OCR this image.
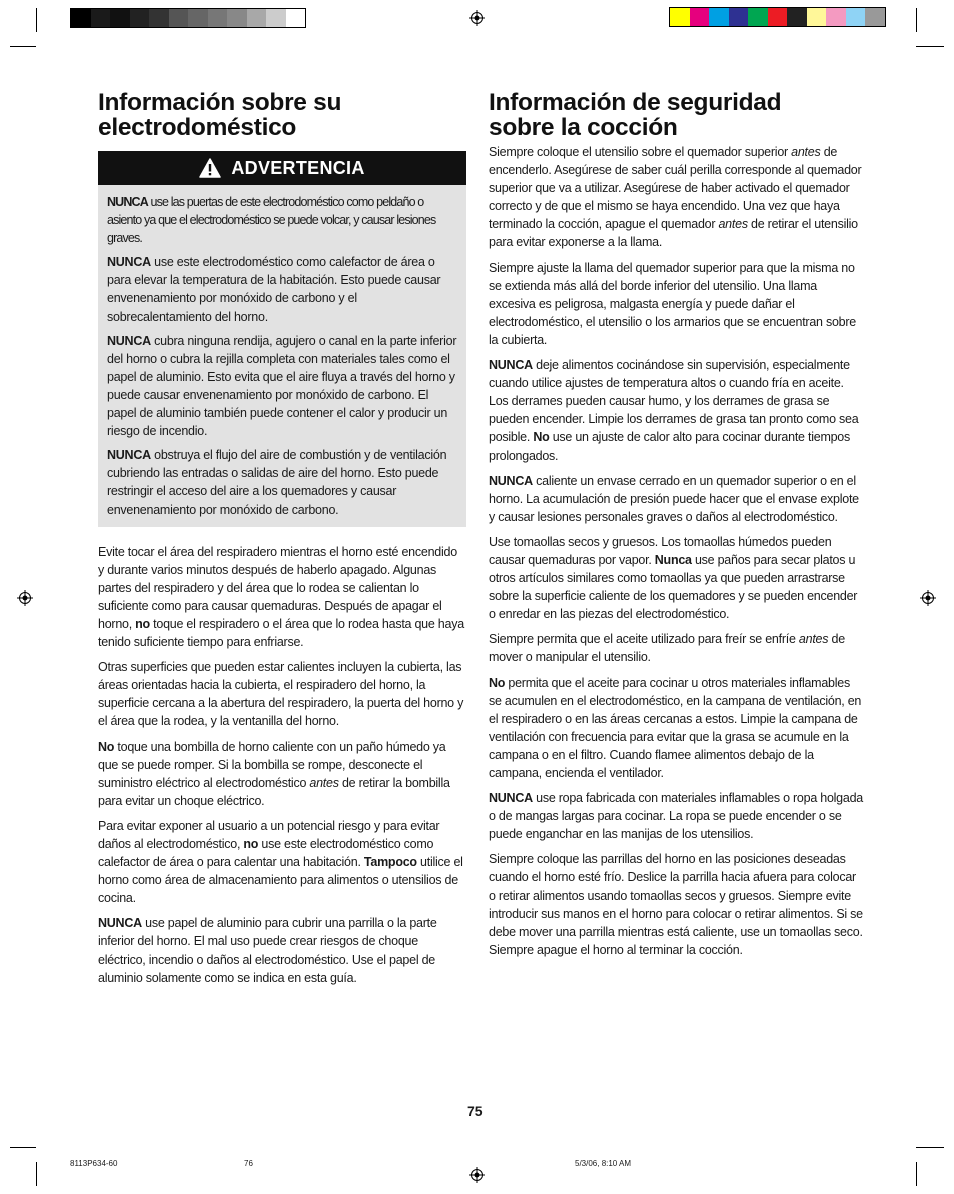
Información sobre su
electrodoméstico
ADVERTENCIA

NUNCA use las puertas de este electrodoméstico como peldaño o asiento ya que el electrodoméstico se puede volcar, y causar lesiones graves.

NUNCA use este electrodoméstico como calefactor de área o para elevar la temperatura de la habitación. Esto puede causar envenenamiento por monóxido de carbono y el sobrecalentamiento del horno.

NUNCA cubra ninguna rendija, agujero o canal en la parte inferior del horno o cubra la rejilla completa con materiales tales como el papel de aluminio. Esto evita que el aire fluya a través del horno y puede causar envenenamiento por monóxido de carbono. El papel de aluminio también puede contener el calor y producir un riesgo de incendio.

NUNCA obstruya el flujo del aire de combustión y de ventilación cubriendo las entradas o salidas de aire del horno. Esto puede restringir el acceso del aire a los quemadores y causar envenenamiento por monóxido de carbono.

Evite tocar el área del respiradero mientras el horno esté encendido y durante varios minutos después de haberlo apagado. Algunas partes del respiradero y del área que lo rodea se calientan lo suficiente como para causar quemaduras. Después de apagar el horno, no toque el respiradero o el área que lo rodea hasta que haya tenido suficiente tiempo para enfriarse.

Otras superficies que pueden estar calientes incluyen la cubierta, las áreas orientadas hacia la cubierta, el respiradero del horno, la superficie cercana a la abertura del respiradero, la puerta del horno y el área que la rodea, y la ventanilla del horno.

No toque una bombilla de horno caliente con un paño húmedo ya que se puede romper. Si la bombilla se rompe, desconecte el suministro eléctrico al electrodoméstico antes de retirar la bombilla para evitar un choque eléctrico.

Para evitar exponer al usuario a un potencial riesgo y para evitar daños al electrodoméstico, no use este electrodoméstico como calefactor de área o para calentar una habitación. Tampoco utilice el horno como área de almacenamiento para alimentos o utensilios de cocina.

NUNCA use papel de aluminio para cubrir una parrilla o la parte inferior del horno. El mal uso puede crear riesgos de choque eléctrico, incendio o daños al electrodoméstico. Use el papel de aluminio solamente como se indica en esta guía.

Información de seguridad
sobre la cocción

Siempre coloque el utensilio sobre el quemador superior antes de encenderlo. Asegúrese de saber cuál perilla corresponde al quemador superior que va a utilizar. Asegúrese de haber activado el quemador correcto y de que el mismo se haya encendido. Una vez que haya terminado la cocción, apague el quemador antes de retirar el utensilio para evitar exponerse a la llama.

Siempre ajuste la llama del quemador superior para que la misma no se extienda más allá del borde inferior del utensilio. Una llama excesiva es peligrosa, malgasta energía y puede dañar el electrodoméstico, el utensilio o los armarios que se encuentran sobre la cubierta.

NUNCA deje alimentos cocinándose sin supervisión, especialmente cuando utilice ajustes de temperatura altos o cuando fría en aceite. Los derrames pueden causar humo, y los derrames de grasa se pueden encender. Limpie los derrames de grasa tan pronto como sea posible. No use un ajuste de calor alto para cocinar durante tiempos prolongados.

NUNCA caliente un envase cerrado en un quemador superior o en el horno. La acumulación de presión puede hacer que el envase explote y causar lesiones personales graves o daños al electrodoméstico.

Use tomaollas secos y gruesos. Los tomaollas húmedos pueden causar quemaduras por vapor. Nunca use paños para secar platos u otros artículos similares como tomaollas ya que pueden arrastrarse sobre la superficie caliente de los quemadores y se pueden encender o enredar en las piezas del electrodoméstico.

Siempre permita que el aceite utilizado para freír se enfríe antes de mover o manipular el utensilio.

No permita que el aceite para cocinar u otros materiales inflamables se acumulen en el electrodoméstico, en la campana de ventilación, en el respiradero o en las áreas cercanas a estos. Limpie la campana de ventilación con frecuencia para evitar que la grasa se acumule en la campana o en el filtro. Cuando flamee alimentos debajo de la campana, encienda el ventilador.

NUNCA use ropa fabricada con materiales inflamables o ropa holgada o de mangas largas para cocinar. La ropa se puede encender o se puede enganchar en las manijas de los utensilios.

Siempre coloque las parrillas del horno en las posiciones deseadas cuando el horno esté frío. Deslice la parrilla hacia afuera para colocar o retirar alimentos usando tomaollas secos y gruesos. Siempre evite introducir sus manos en el horno para colocar o retirar alimentos. Si se debe mover una parrilla mientras está caliente, use un tomaollas seco. Siempre apague el horno al terminar la cocción.

75
8113P634-60	76	5/3/06, 8:10 AM
